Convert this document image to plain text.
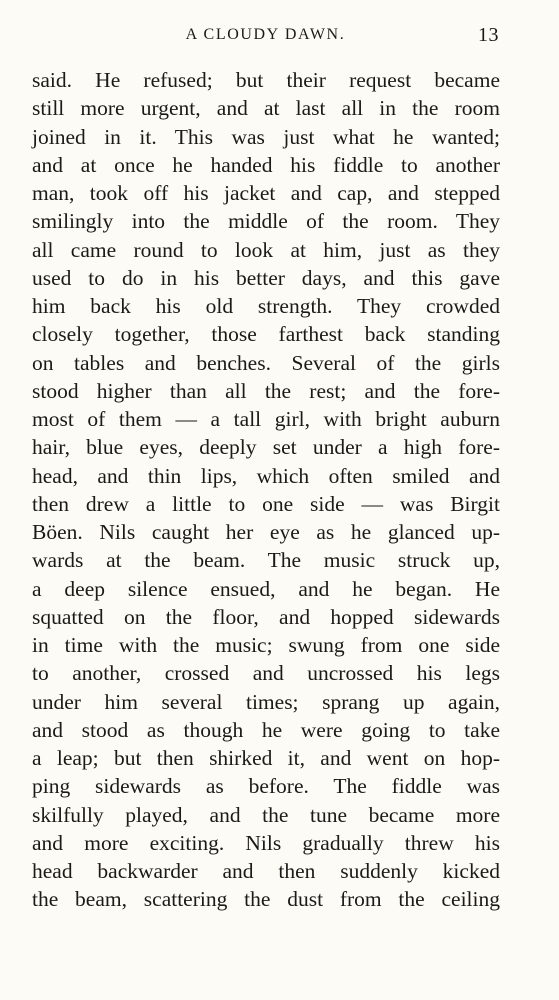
A CLOUDY DAWN.	13
said. He refused; but their request became
still more urgent, and at last all in the room
joined in it. This was just what he wanted;
and at once he handed his fiddle to another
man, took off his jacket and cap, and stepped
smilingly into the middle of the room. They
all came round to look at him, just as they
used to do in his better days, and this gave
him back his old strength. They crowded
closely together, those farthest back standing
on tables and benches. Several of the girls
stood higher than all the rest; and the fore-
most of them — a tall girl, with bright auburn
hair, blue eyes, deeply set under a high fore-
head, and thin lips, which often smiled and
then drew a little to one side — was Birgit
Böen. Nils caught her eye as he glanced up-
wards at the beam. The music struck up,
a deep silence ensued, and he began. He
squatted on the floor, and hopped sidewards
in time with the music; swung from one side
to another, crossed and uncrossed his legs
under him several times; sprang up again,
and stood as though he were going to take
a leap; but then shirked it, and went on hop-
ping sidewards as before. The fiddle was
skilfully played, and the tune became more
and more exciting. Nils gradually threw his
head backwarder and then suddenly kicked
the beam, scattering the dust from the ceiling
